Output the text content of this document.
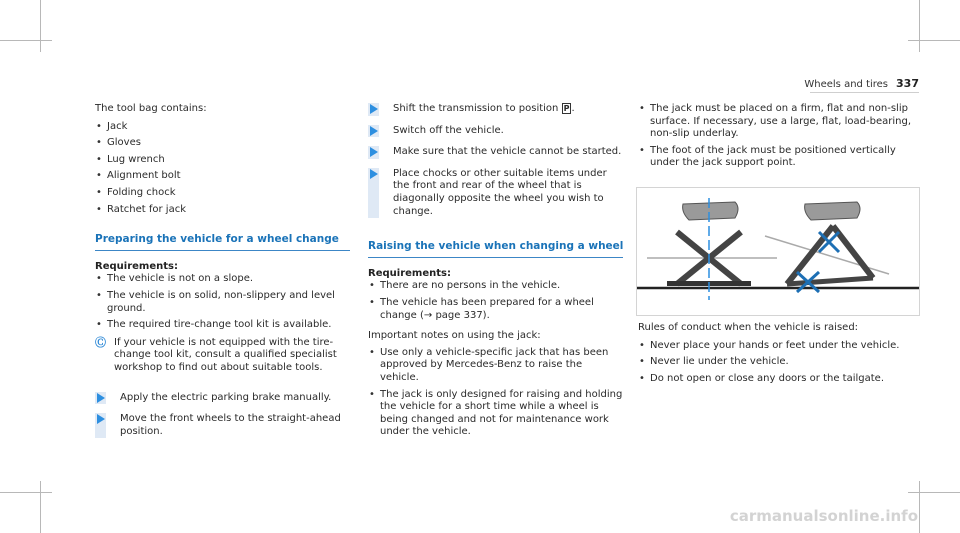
Wheels and tires 337

The tool bag contains:

• Jack
• Gloves
• Lug wrench
• Alignment bolt
• Folding chock
• Ratchet for jack
Preparing the vehicle for a wheel change

Requirements:

• The vehicle is not on a slope.
• The vehicle is on solid, non-slippery and level ground.
• The required tire-change tool kit is available.
Ⓒ If your vehicle is not equipped with the tire-change tool kit, consult a qualified specialist workshop to find out about suitable tools.
Apply the electric parking brake manually.
Move the front wheels to the straight-ahead position.
Shift the transmission to position P .
Switch off the vehicle.
Make sure that the vehicle cannot be started.
Place chocks or other suitable items under the front and rear of the wheel that is diagonally opposite the wheel you wish to change.
Raising the vehicle when changing a wheel

Requirements:

• There are no persons in the vehicle.
• The vehicle has been prepared for a wheel change (→ page 337).

Important notes on using the jack:

• Use only a vehicle-specific jack that has been approved by Mercedes-Benz to raise the vehicle.
• The jack is only designed for raising and holding the vehicle for a short time while a wheel is being changed and not for maintenance work under the vehicle.
• The jack must be placed on a firm, flat and non-slip surface. If necessary, use a large, flat, load-bearing, non-slip underlay.
• The foot of the jack must be positioned vertically under the jack support point.

Rules of conduct when the vehicle is raised:

• Never place your hands or feet under the vehicle.
• Never lie under the vehicle.
• Do not open or close any doors or the tailgate.
carmanualsonline.info
